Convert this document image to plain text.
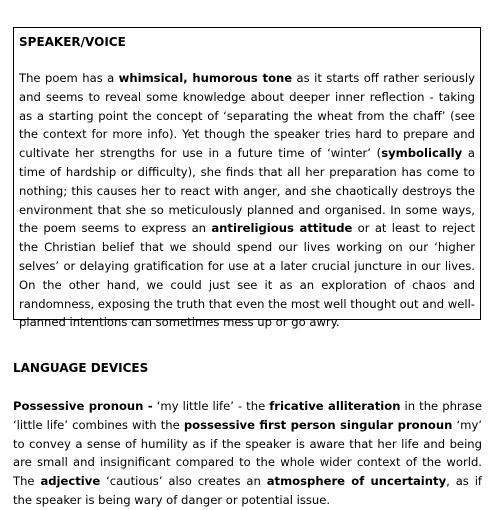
SPEAKER/VOICE

The poem has a whimsical, humorous tone as it starts off rather seriously and seems to reveal some knowledge about deeper inner reflection - taking as a starting point the concept of ‘separating the wheat from the chaff’ (see the context for more info). Yet though the speaker tries hard to prepare and cultivate her strengths for use in a future time of ‘winter’ (symbolically a time of hardship or difficulty), she finds that all her preparation has come to nothing; this causes her to react with anger, and she chaotically destroys the environment that she so meticulously planned and organised. In some ways, the poem seems to express an antireligious attitude or at least to reject the Christian belief that we should spend our lives working on our ‘higher selves’ or delaying gratification for use at a later crucial juncture in our lives. On the other hand, we could just see it as an exploration of chaos and randomness, exposing the truth that even the most well thought out and well-planned intentions can sometimes mess up or go awry.

LANGUAGE DEVICES

Possessive pronoun - ‘my little life’ - the fricative alliteration in the phrase ‘little life’ combines with the possessive first person singular pronoun ‘my’ to convey a sense of humility as if the speaker is aware that her life and being are small and insignificant compared to the whole wider context of the world. The adjective ‘cautious’ also creates an atmosphere of uncertainty, as if the speaker is being wary of danger or potential issue.
